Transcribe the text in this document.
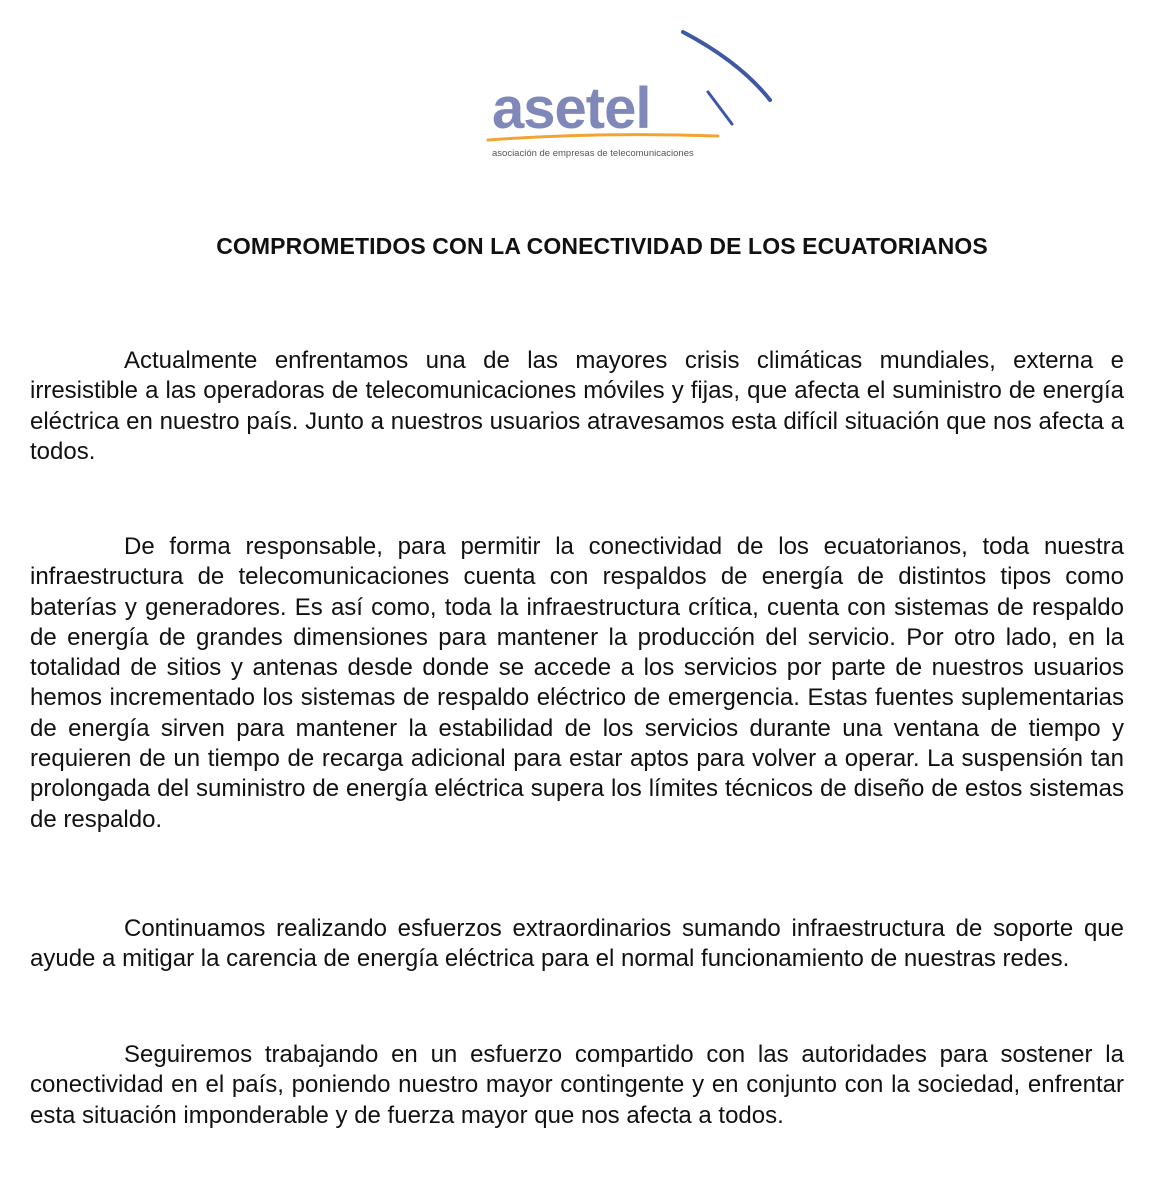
asetel
asociación de empresas de telecomunicaciones
COMPROMETIDOS CON LA CONECTIVIDAD DE LOS ECUATORIANOS

Actualmente enfrentamos una de las mayores crisis climáticas mundiales, externa e irresistible a las operadoras de telecomunicaciones móviles y fijas, que afecta el suministro de energía eléctrica en nuestro país. Junto a nuestros usuarios atravesamos esta difícil situación que nos afecta a todos.

De forma responsable, para permitir la conectividad de los ecuatorianos, toda nuestra infraestructura de telecomunicaciones cuenta con respaldos de energía de distintos tipos como baterías y generadores. Es así como, toda la infraestructura crítica, cuenta con sistemas de respaldo de energía de grandes dimensiones para mantener la producción del servicio. Por otro lado, en la totalidad de sitios y antenas desde donde se accede a los servicios por parte de nuestros usuarios hemos incrementado los sistemas de respaldo eléctrico de emergencia. Estas fuentes suplementarias de energía sirven para mantener la estabilidad de los servicios durante una ventana de tiempo y requieren de un tiempo de recarga adicional para estar aptos para volver a operar. La suspensión tan prolongada del suministro de energía eléctrica supera los límites técnicos de diseño de estos sistemas de respaldo.

Continuamos realizando esfuerzos extraordinarios sumando infraestructura de soporte que ayude a mitigar la carencia de energía eléctrica para el normal funcionamiento de nuestras redes.

Seguiremos trabajando en un esfuerzo compartido con las autoridades para sostener la conectividad en el país, poniendo nuestro mayor contingente y en conjunto con la sociedad, enfrentar esta situación imponderable y de fuerza mayor que nos afecta a todos.
